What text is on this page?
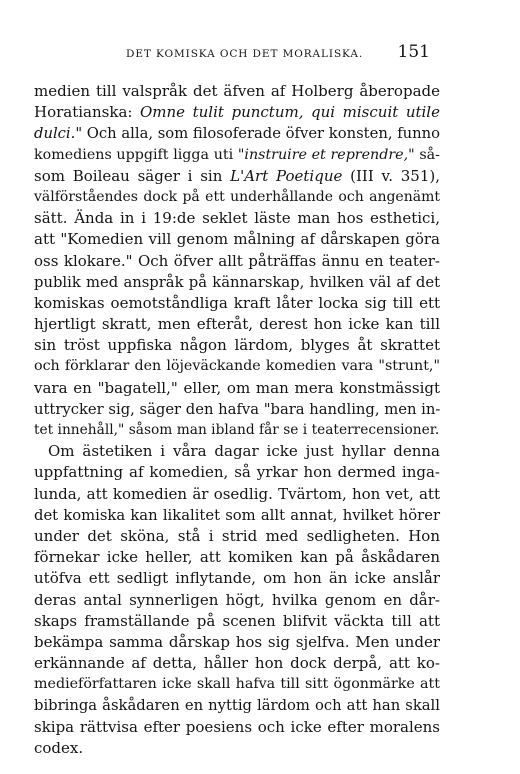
DET KOMISKA OCH DET MORALISKA. 151
medien till valspråk det äfven af Holberg åberopade
Horatianska: Omne tulit punctum, qui miscuit utile
dulci." Och alla, som filosoferade öfver konsten, funno
komediens uppgift ligga uti "instruire et reprendre," så-
som Boileau säger i sin L'Art Poetique (III v. 351),
välförståendes dock på ett underhållande och angenämt
sätt. Ända in i 19:de seklet läste man hos esthetici,
att "Komedien vill genom målning af dårskapen göra
oss klokare." Och öfver allt påträffas ännu en teater-
publik med anspråk på kännarskap, hvilken väl af det
komiskas oemotståndliga kraft låter locka sig till ett
hjertligt skratt, men efteråt, derest hon icke kan till
sin tröst uppfiska någon lärdom, blyges åt skrattet
och förklarar den löjeväckande komedien vara "strunt,"
vara en "bagatell," eller, om man mera konstmässigt
uttrycker sig, säger den hafva "bara handling, men in-
tet innehåll," såsom man ibland får se i teaterrecensioner.
Om ästetiken i våra dagar icke just hyllar denna
uppfattning af komedien, så yrkar hon dermed inga-
lunda, att komedien är osedlig. Tvärtom, hon vet, att
det komiska kan likalitet som allt annat, hvilket hörer
under det sköna, stå i strid med sedligheten. Hon
förnekar icke heller, att komiken kan på åskådaren
utöfva ett sedligt inflytande, om hon än icke anslår
deras antal synnerligen högt, hvilka genom en dår-
skaps framställande på scenen blifvit väckta till att
bekämpa samma dårskap hos sig sjelfva. Men under
erkännande af detta, håller hon dock derpå, att ko-
medieförfattaren icke skall hafva till sitt ögonmärke att
bibringa åskådaren en nyttig lärdom och att han skall
skipa rättvisa efter poesiens och icke efter moralens
codex.
